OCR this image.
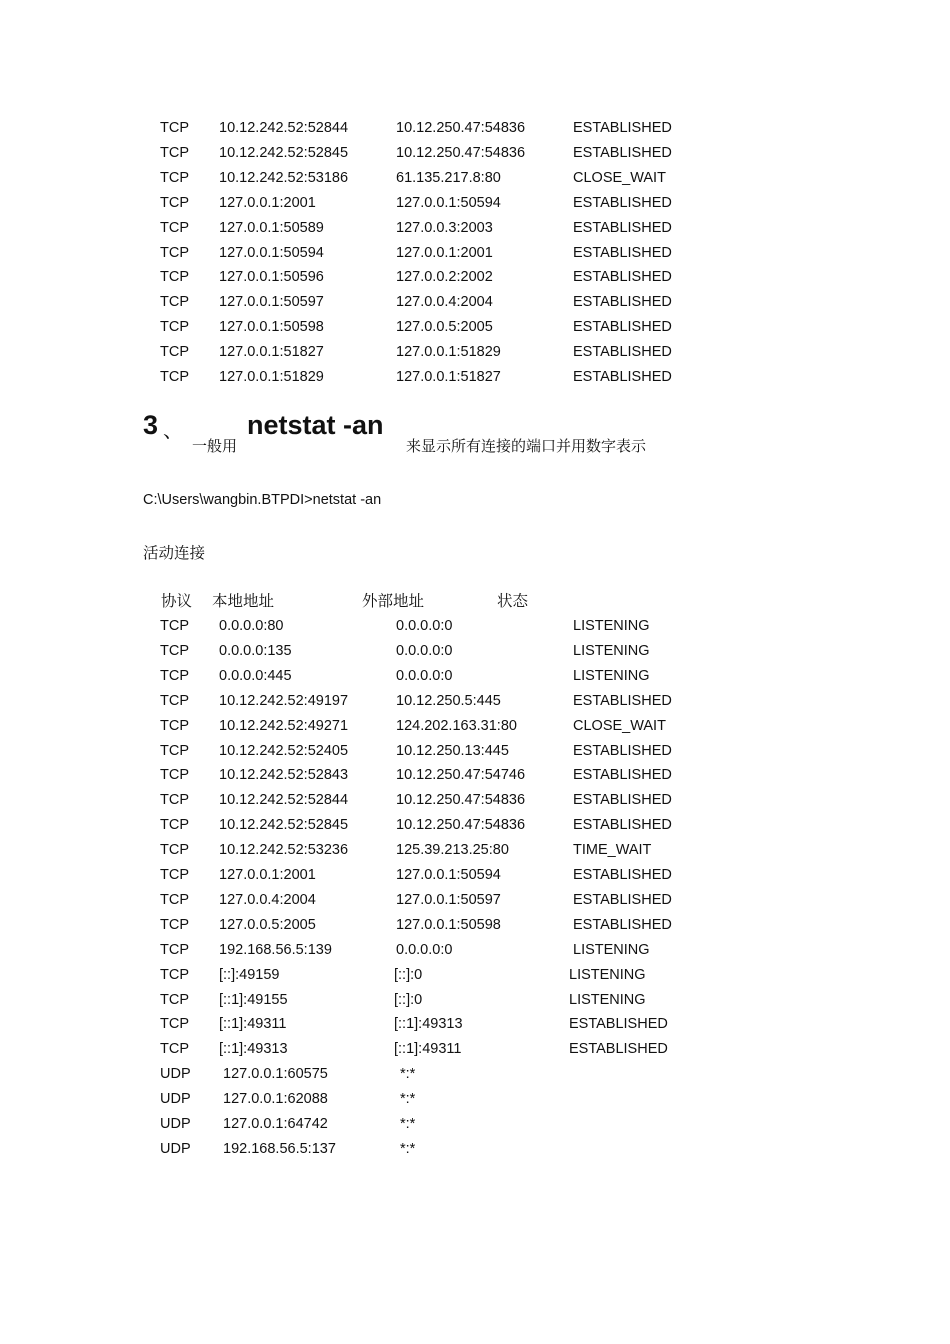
TCP 10.12.242.52:52844	10.12.250.47:54836	ESTABLISHED
TCP 10.12.242.52:52845	10.12.250.47:54836	ESTABLISHED
TCP 10.12.242.52:53186	61.135.217.8:80	CLOSE_WAIT
TCP 127.0.0.1:2001	127.0.0.1:50594	ESTABLISHED
TCP 127.0.0.1:50589	127.0.0.3:2003	ESTABLISHED
TCP 127.0.0.1:50594	127.0.0.1:2001	ESTABLISHED
TCP 127.0.0.1:50596	127.0.0.2:2002	ESTABLISHED
TCP 127.0.0.1:50597	127.0.0.4:2004	ESTABLISHED
TCP 127.0.0.1:50598	127.0.0.5:2005	ESTABLISHED
TCP 127.0.0.1:51827	127.0.0.1:51829	ESTABLISHED
TCP 127.0.0.1:51829	127.0.0.1:51827	ESTABLISHED
3 、
一般用
netstat -an
来显示所有连接的端口并用数字表示
C:\Users\wangbin.BTPDI>netstat -an
活动连接
协议 本地地址	外部地址	状态
TCP 0.0.0.0:80	0.0.0.0:0	LISTENING
TCP 0.0.0.0:135	0.0.0.0:0	LISTENING
TCP 0.0.0.0:445	0.0.0.0:0	LISTENING
TCP 10.12.242.52:49197	10.12.250.5:445	ESTABLISHED
TCP 10.12.242.52:49271	124.202.163.31:80	CLOSE_WAIT
TCP 10.12.242.52:52405	10.12.250.13:445	ESTABLISHED
TCP 10.12.242.52:52843	10.12.250.47:54746	ESTABLISHED
TCP 10.12.242.52:52844	10.12.250.47:54836	ESTABLISHED
TCP 10.12.242.52:52845	10.12.250.47:54836	ESTABLISHED
TCP 10.12.242.52:53236	125.39.213.25:80	TIME_WAIT
TCP 127.0.0.1:2001	127.0.0.1:50594	ESTABLISHED
TCP 127.0.0.4:2004	127.0.0.1:50597	ESTABLISHED
TCP 127.0.0.5:2005	127.0.0.1:50598	ESTABLISHED
TCP 192.168.56.5:139	0.0.0.0:0	LISTENING
TCP [::]:49159	[::]:0	LISTENING
TCP [::1]:49155	[::]:0	LISTENING
TCP [::1]:49311	[::1]:49313	ESTABLISHED
TCP [::1]:49313	[::1]:49311	ESTABLISHED
UDP 127.0.0.1:60575	*:*
UDP 127.0.0.1:62088	*:*
UDP 127.0.0.1:64742	*:*
UDP 192.168.56.5:137	*:*
